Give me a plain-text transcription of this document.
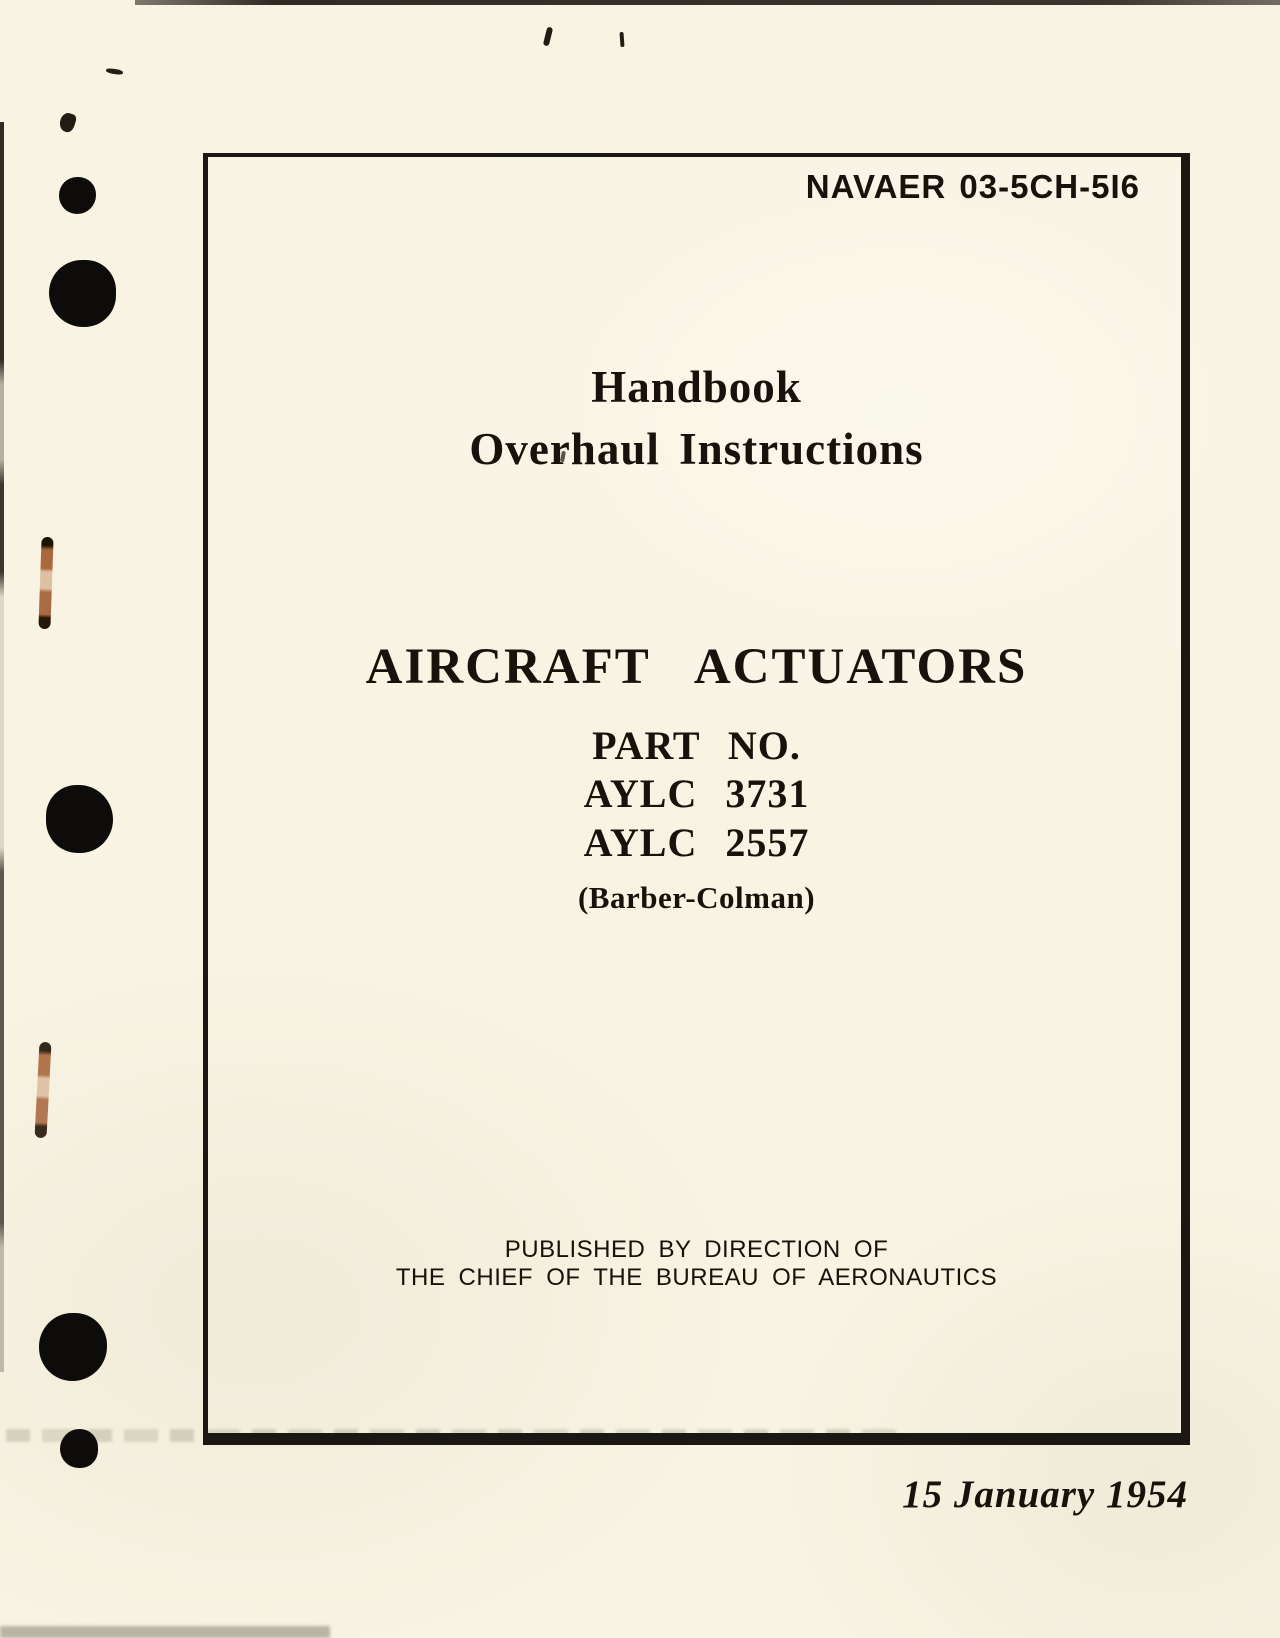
NAVAER 03-5CH-5I6
Handbook
Overhaul Instructions
AIRCRAFT ACTUATORS
PART NO.
AYLC 3731
AYLC 2557
(Barber-Colman)
PUBLISHED BY DIRECTION OF
THE CHIEF OF THE BUREAU OF AERONAUTICS
15 January 1954
